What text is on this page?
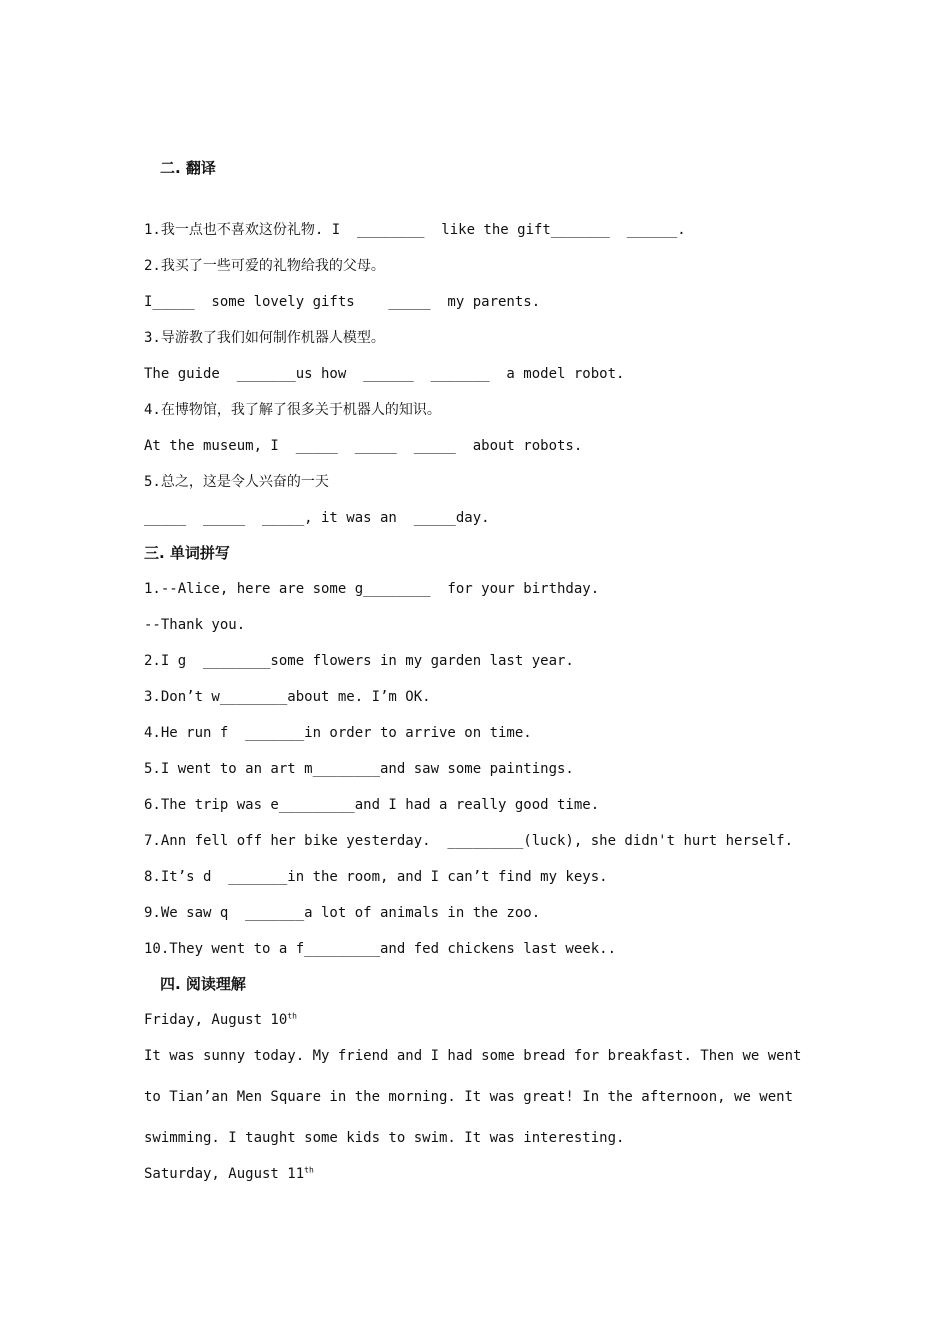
二. 翻译
1.我一点也不喜欢这份礼物. I  ________  like the gift_______  ______.
2.我买了一些可爱的礼物给我的父母。
I_____  some lovely gifts    _____  my parents.
3.导游教了我们如何制作机器人模型。
The guide  _______us how  ______  _______  a model robot.
4.在博物馆，我了解了很多关于机器人的知识。
At the museum, I  _____  _____  _____  about robots.
5.总之，这是令人兴奋的一天
_____  _____  _____, it was an  _____day.
三. 单词拼写
1.--Alice, here are some g________  for your birthday.
--Thank you.
2.I g  ________some flowers in my garden last year.
3.Don’t w________about me. I’m OK.
4.He run f  _______in order to arrive on time.
5.I went to an art m________and saw some paintings.
6.The trip was e_________and I had a really good time.
7.Ann fell off her bike yesterday.  _________(luck), she didn't hurt herself.
8.It’s d  _______in the room, and I can’t find my keys.
9.We saw q  _______a lot of animals in the zoo.
10.They went to a f_________and fed chickens last week..
四. 阅读理解
Friday, August 10th
It was sunny today. My friend and I had some bread for breakfast. Then we went
to Tian’an Men Square in the morning. It was great! In the afternoon, we went
swimming. I taught some kids to swim. It was interesting.
Saturday, August 11th
